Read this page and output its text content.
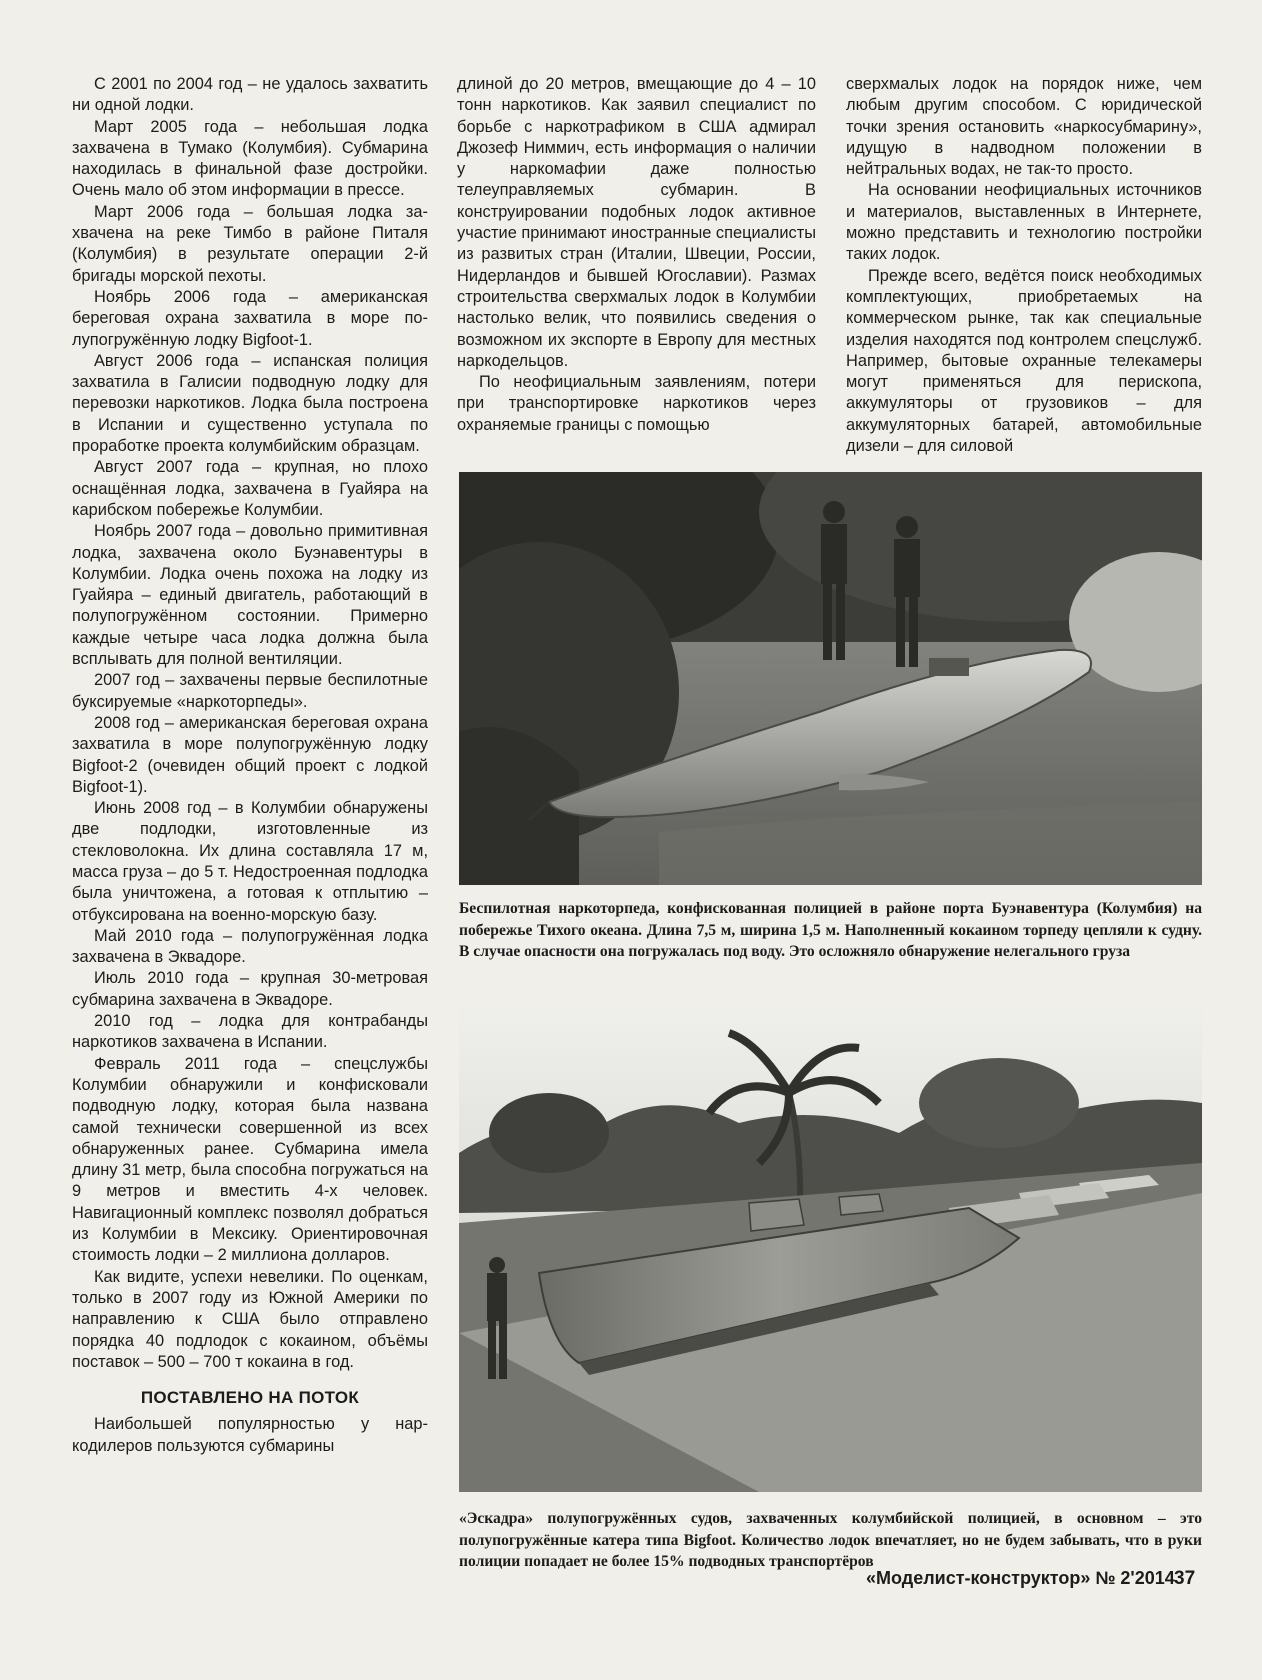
С 2001 по 2004 год – не удалось захватить ни одной лодки.

Март 2005 года – небольшая лодка захвачена в Тумако (Колумбия). Субмарина находилась в финальной фазе достройки. Очень мало об этом информации в прессе.

Март 2006 года – большая лодка захвачена на реке Тимбо в районе Питаля (Колумбия) в результате операции 2-й бригады морской пехоты.

Ноябрь 2006 года – американская береговая охрана захватила в море полупогружённую лодку Bigfoot-1.

Август 2006 года – испанская полиция захватила в Галисии подводную лодку для перевозки наркотиков. Лодка была построена в Испании и существенно уступала по проработке проекта колумбийским образцам.

Август 2007 года – крупная, но плохо оснащённая лодка, захвачена в Гуайяра на карибском побережье Колумбии.

Ноябрь 2007 года – довольно примитивная лодка, захвачена около Буэнавентуры в Колумбии. Лодка очень похожа на лодку из Гуайяра – единый двигатель, работающий в полупогружённом состоянии. Примерно каждые четыре часа лодка должна была всплывать для полной вентиляции.

2007 год – захвачены первые беспилотные буксируемые «наркоторпеды».

2008 год – американская береговая охрана захватила в море полупогружённую лодку Bigfoot-2 (очевиден общий проект с лодкой Bigfoot-1).

Июнь 2008 год – в Колумбии обнаружены две подлодки, изготовленные из стекловолокна. Их длина составляла 17 м, масса груза – до 5 т. Недостроенная подлодка была уничтожена, а готовая к отплытию – отбуксирована на военно-морскую базу.

Май 2010 года – полупогружённая лодка захвачена в Эквадоре.

Июль 2010 года – крупная 30-метровая субмарина захвачена в Эквадоре.

2010 год – лодка для контрабанды наркотиков захвачена в Испании.

Февраль 2011 года – спецслужбы Колумбии обнаружили и конфисковали подводную лодку, которая была названа самой технически совершенной из всех обнаруженных ранее. Субмарина имела длину 31 метр, была способна погружаться на 9 метров и вместить 4-х человек. Навигационный комплекс позволял добраться из Колумбии в Мексику. Ориентировочная стоимость лодки – 2 миллиона долларов.

Как видите, успехи невелики. По оценкам, только в 2007 году из Южной Америки по направлению к США было отправлено порядка 40 подлодок с кокаином, объёмы поставок – 500 – 700 т кокаина в год.

ПОСТАВЛЕНО НА ПОТОК

Наибольшей популярностью у наркодилеров пользуются субмарины

длиной до 20 метров, вмещающие до 4 – 10 тонн наркотиков. Как заявил специалист по борьбе с наркотрафиком в США адмирал Джозеф Ниммич, есть информация о наличии у наркомафии даже полностью телеуправляемых субмарин. В конструировании подобных лодок активное участие принимают иностранные специалисты из развитых стран (Италии, Швеции, России, Нидерландов и бывшей Югославии). Размах строительства сверхмалых лодок в Колумбии настолько велик, что появились сведения о возможном их экспорте в Европу для местных наркодельцов.

По неофициальным заявлениям, потери при транспортировке наркотиков через охраняемые границы с помощью

сверхмалых лодок на порядок ниже, чем любым другим способом. С юридической точки зрения остановить «наркосубмарину», идущую в надводном положении в нейтральных водах, не так-то просто.

На основании неофициальных источников и материалов, выставленных в Интернете, можно представить и технологию постройки таких лодок.

Прежде всего, ведётся поиск необходимых комплектующих, приобретаемых на коммерческом рынке, так как специальные изделия находятся под контролем спецслужб. Например, бытовые охранные телекамеры могут применяться для перископа, аккумуляторы от грузовиков – для аккумуляторных батарей, автомобильные дизели – для силовой

Беспилотная наркоторпеда, конфискованная полицией в районе порта Буэнавентура (Колумбия) на побережье Тихого океана. Длина 7,5 м, ширина 1,5 м. Наполненный кокаином торпеду цепляли к судну. В случае опасности она погружалась под воду. Это осложняло обнаружение нелегального груза
«Эскадра» полупогружённых судов, захваченных колумбийской полицией, в основном – это полупогружённые катера типа Bigfoot. Количество лодок впечатляет, но не будем забывать, что в руки полиции попадает не более 15% подводных транспортёров
«Моделист-конструктор» № 2'2014 37
